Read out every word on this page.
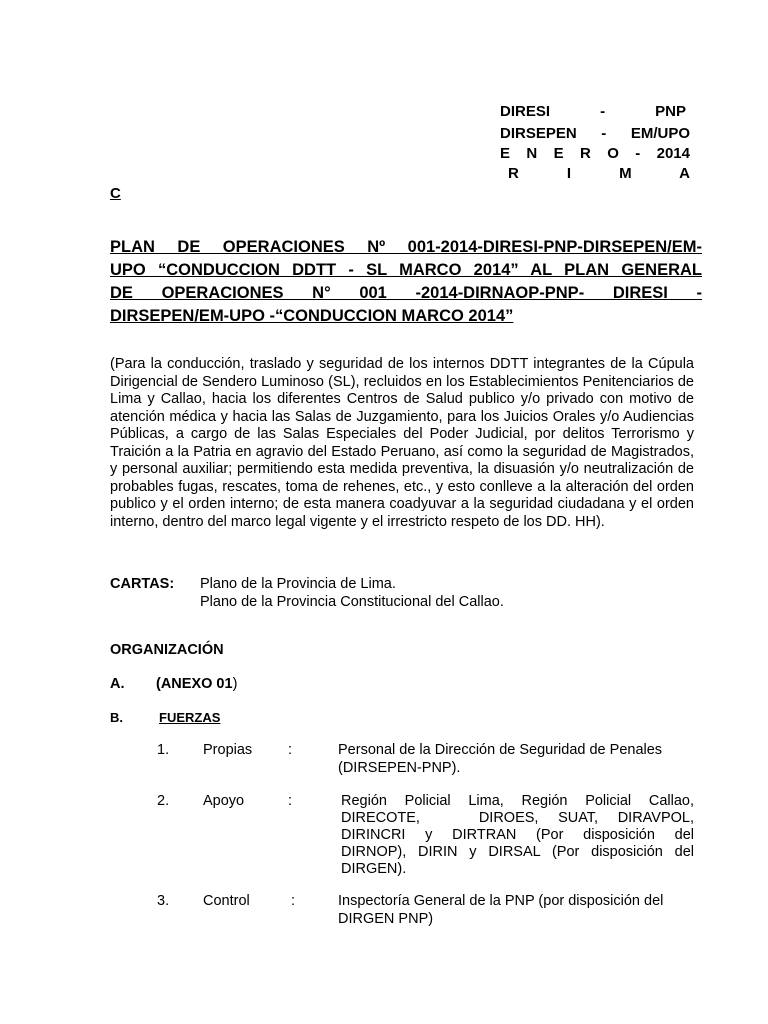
DIRESI - PNP
DIRSEPEN - EM/UPO
E N E R O - 2014
R I M A
C
PLAN DE OPERACIONES Nº 001-2014-DIRESI-PNP-DIRSEPEN/EM-
UPO “CONDUCCION DDTT - SL MARCO 2014” AL PLAN GENERAL
DE OPERACIONES N° 001 -2014-DIRNAOP-PNP- DIRESI -
DIRSEPEN/EM-UPO -“CONDUCCION MARCO 2014”
(Para la conducción, traslado y seguridad de los internos DDTT integrantes de la Cúpula Dirigencial de Sendero Luminoso (SL), recluidos en los Establecimientos Penitenciarios de Lima y Callao, hacia los diferentes Centros de Salud publico y/o privado con motivo de atención médica y hacia las Salas de Juzgamiento, para los Juicios Orales y/o Audiencias Públicas, a cargo de las Salas Especiales del Poder Judicial, por delitos Terrorismo y Traición a la Patria en agravio del Estado Peruano, así como la seguridad de Magistrados, y personal auxiliar; permitiendo esta medida preventiva, la disuasión y/o neutralización de probables fugas, rescates, toma de rehenes, etc., y esto conlleve a la alteración del orden publico y el orden interno; de esta manera coadyuvar a la seguridad ciudadana y el orden interno, dentro del marco legal vigente y el irrestricto respeto de los DD. HH).
CARTAS: Plano de la Provincia de Lima.
Plano de la Provincia Constitucional del Callao.
ORGANIZACIÓN
A. (ANEXO 01)
B.	FUERZAS
1. Propias :	Personal de la Dirección de Seguridad de Penales
(DIRSEPEN-PNP).
2. Apoyo	:	Región Policial Lima, Región Policial Callao,
DIRECOTE,         DIROES,   SUAT,   DIRAVPOL,
DIRINCRI y DIRTRAN (Por disposición del
DIRNOP), DIRIN y DIRSAL (Por disposición del
DIRGEN).
3. Control	:	Inspectoría General de la PNP (por disposición del
DIRGEN PNP)
